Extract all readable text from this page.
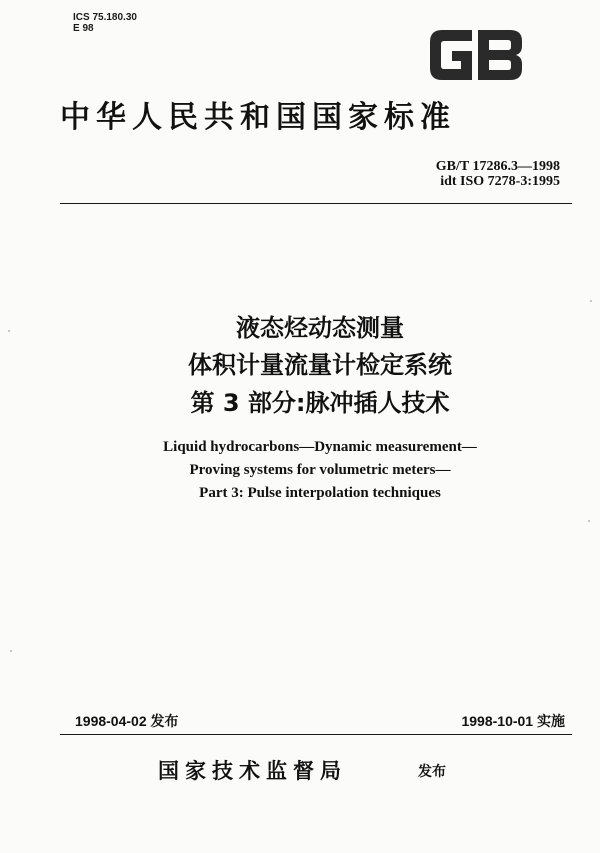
ICS 75.180.30
E 98
中华人民共和国国家标准
GB/T 17286.3—1998
idt ISO 7278-3:1995
液态烃动态测量
体积计量流量计检定系统
第 3 部分:脉冲插人技术
Liquid hydrocarbons—Dynamic measurement—
Proving systems for volumetric meters—
Part 3: Pulse interpolation techniques
1998-04-02 发布	1998-10-01 实施
国家技术监督局	发布
